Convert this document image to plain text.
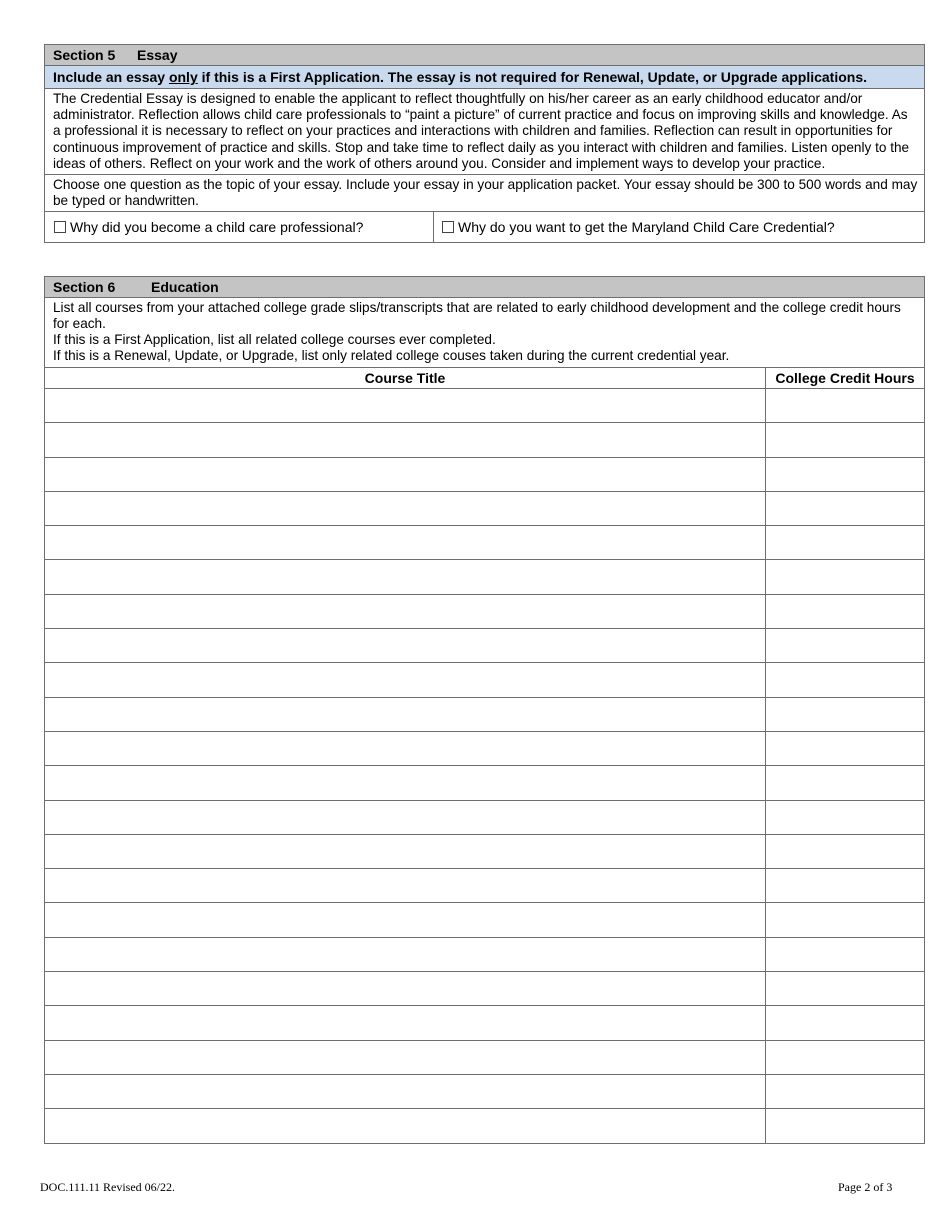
Section 5 Essay
Include an essay only if this is a First Application. The essay is not required for Renewal, Update, or Upgrade applications.

The Credential Essay is designed to enable the applicant to reflect thoughtfully on his/her career as an early childhood educator and/or administrator. Reflection allows child care professionals to “paint a picture” of current practice and focus on improving skills and knowledge. As a professional it is necessary to reflect on your practices and interactions with children and families. Reflection can result in opportunities for continuous improvement of practice and skills. Stop and take time to reflect daily as you interact with children and families. Listen openly to the ideas of others. Reflect on your work and the work of others around you. Consider and implement ways to develop your practice.

Choose one question as the topic of your essay. Include your essay in your application packet. Your essay should be 300 to 500 words and may be typed or handwritten.

Why did you become a child care professional?	Why do you want to get the Maryland Child Care Credential?
Section 6	Education

List all courses from your attached college grade slips/transcripts that are related to early childhood development and the college credit hours for each.

If this is a First Application, list all related college courses ever completed.

If this is a Renewal, Update, or Upgrade, list only related college couses taken during the current credential year.

Course Title	College Credit Hours

DOC.111.11 Revised 06/22.	Page 2 of 3
